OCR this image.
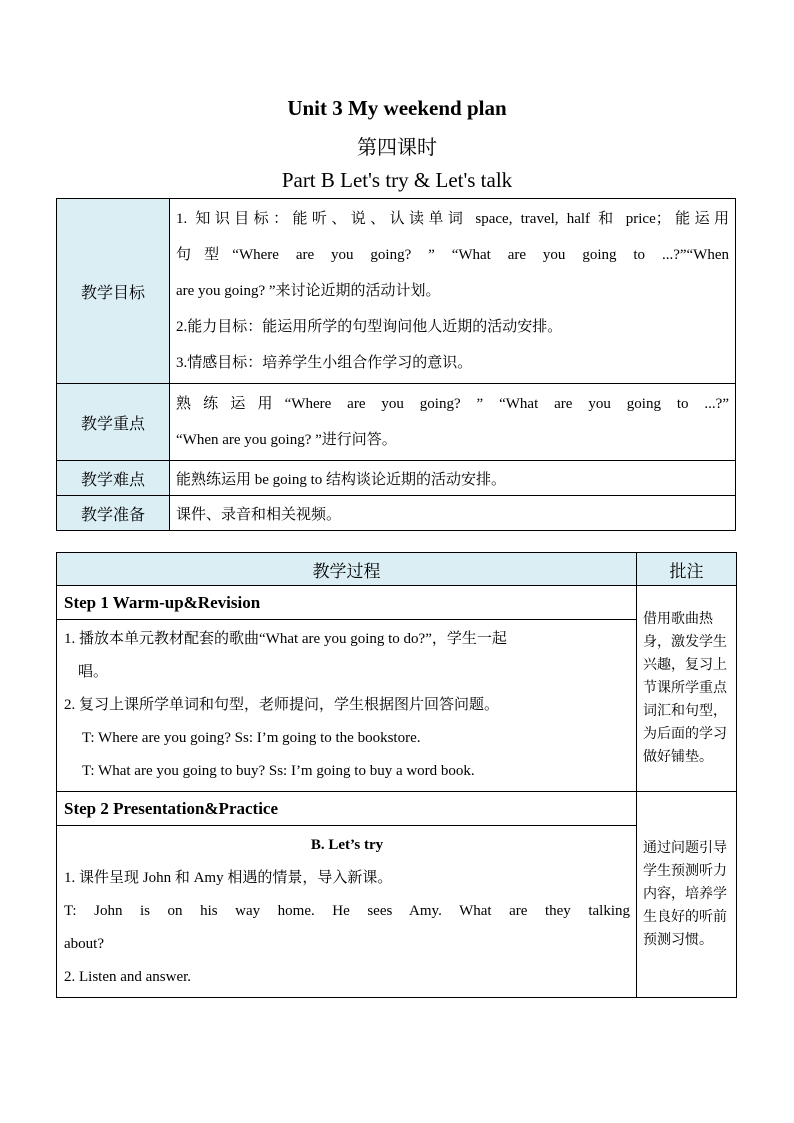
Unit 3 My weekend plan
第四课时
Part B Let's try & Let's talk
教学目标	1. 知识目标：能听、说、认读单词 space, travel, half 和 price；能运用
句型“Where are you going? ” “What are you going to ...?”“When
are you going? ”来讨论近期的活动计划。
2.能力目标：能运用所学的句型询问他人近期的活动安排。
3.情感目标：培养学生小组合作学习的意识。

教学重点	熟练运用“Where are you going? ” “What are you going to ...?”
“When are you going? ”进行问答。

教学难点	能熟练运用 be going to 结构谈论近期的活动安排。
教学准备	课件、录音和相关视频。
教学过程	批注
Step 1 Warm-up&Revision	借用歌曲热身，激发学生兴趣，复习上节课所学重点词汇和句型，为后面的学习做好铺垫。

1. 播放本单元教材配套的歌曲“What are you going to do?”，学生一起
唱。
2. 复习上课所学单词和句型，老师提问，学生根据图片回答问题。
T: Where are you going? Ss: I’m going to the bookstore.
T: What are you going to buy? Ss: I’m going to buy a word book.	

Step 2 Presentation&Practice	通过问题引导学生预测听力内容，培养学生良好的听前预测习惯。

B. Let’s try
1. 课件呈现 John 和 Amy 相遇的情景，导入新课。
T: John is on his way home. He sees Amy. What are they talking
about?
2. Listen and answer.	
